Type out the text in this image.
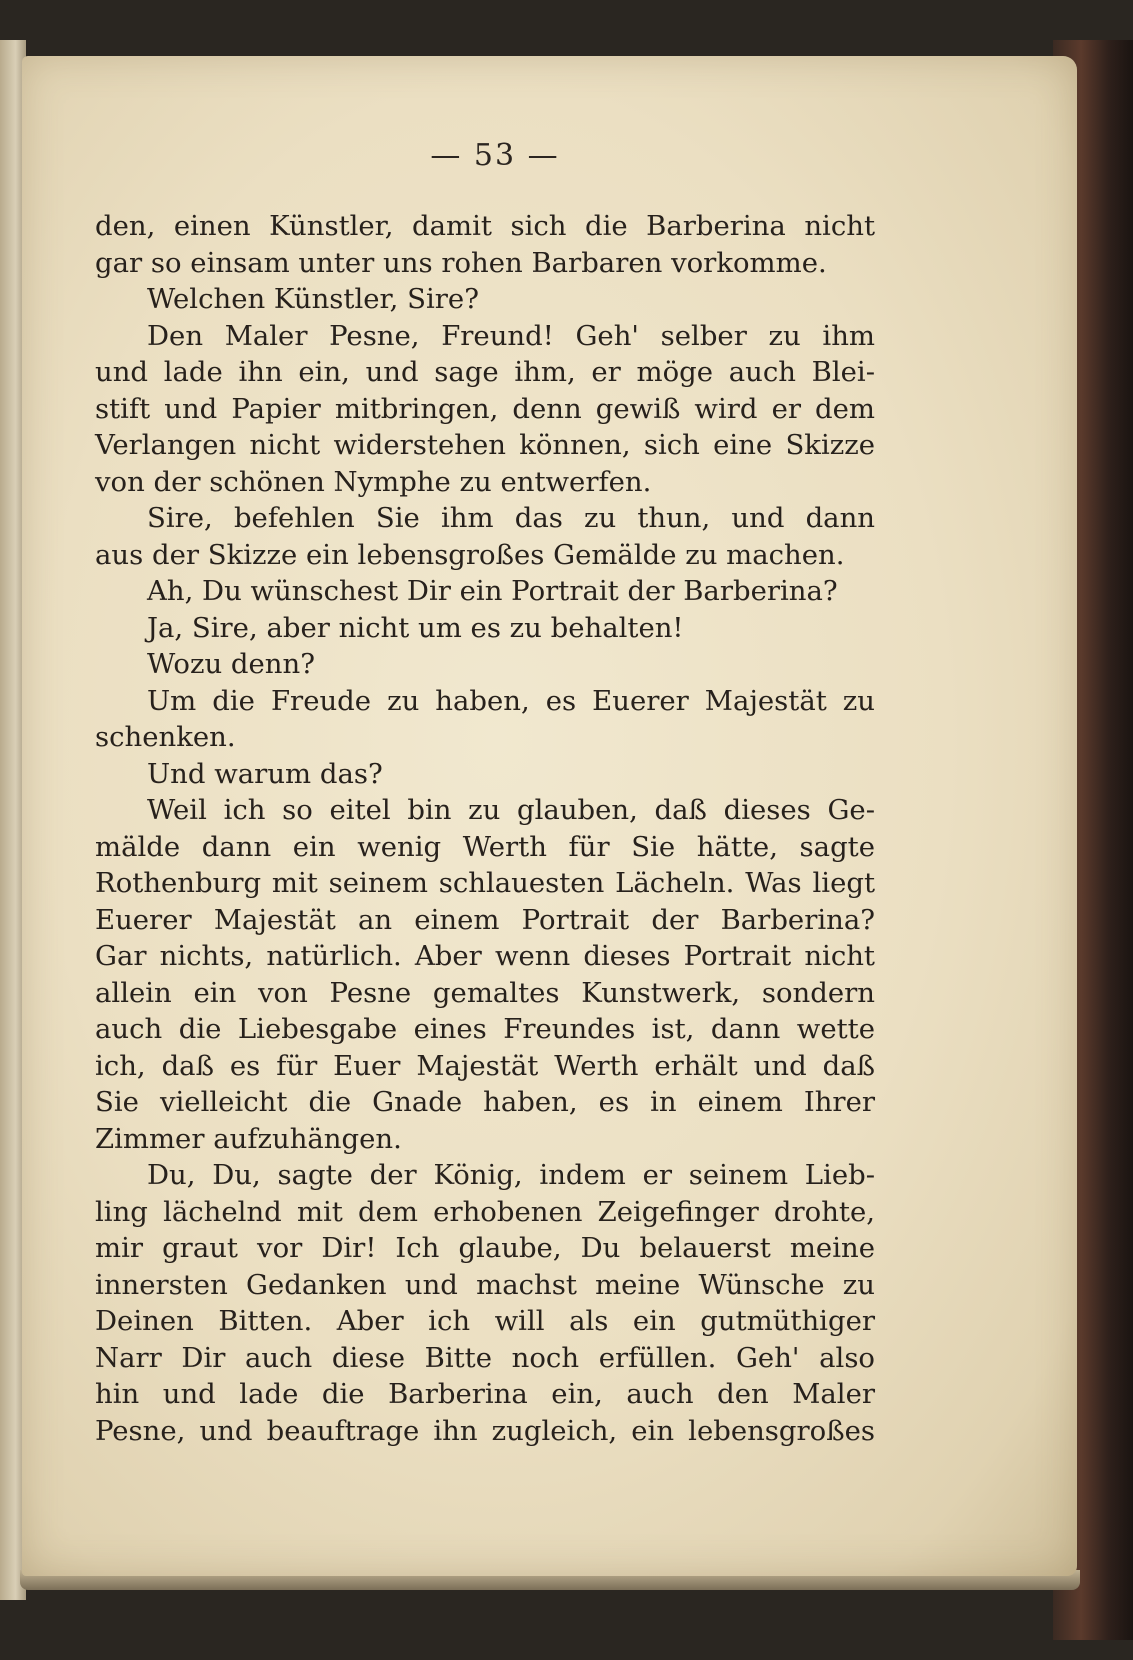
— 53 —
den, einen Künstler, damit sich die Barberina nicht
gar so einsam unter uns rohen Barbaren vorkomme.
Welchen Künstler, Sire?
Den Maler Pesne, Freund! Geh' selber zu ihm
und lade ihn ein, und sage ihm, er möge auch Blei-
stift und Papier mitbringen, denn gewiß wird er dem
Verlangen nicht widerstehen können, sich eine Skizze
von der schönen Nymphe zu entwerfen.
Sire, befehlen Sie ihm das zu thun, und dann
aus der Skizze ein lebensgroßes Gemälde zu machen.
Ah, Du wünschest Dir ein Portrait der Barberina?
Ja, Sire, aber nicht um es zu behalten!
Wozu denn?
Um die Freude zu haben, es Euerer Majestät zu
schenken.
Und warum das?
Weil ich so eitel bin zu glauben, daß dieses Ge-
mälde dann ein wenig Werth für Sie hätte, sagte
Rothenburg mit seinem schlauesten Lächeln. Was liegt
Euerer Majestät an einem Portrait der Barberina?
Gar nichts, natürlich. Aber wenn dieses Portrait nicht
allein ein von Pesne gemaltes Kunstwerk, sondern
auch die Liebesgabe eines Freundes ist, dann wette
ich, daß es für Euer Majestät Werth erhält und daß
Sie vielleicht die Gnade haben, es in einem Ihrer
Zimmer aufzuhängen.
Du, Du, sagte der König, indem er seinem Lieb-
ling lächelnd mit dem erhobenen Zeigefinger drohte,
mir graut vor Dir! Ich glaube, Du belauerst meine
innersten Gedanken und machst meine Wünsche zu
Deinen Bitten. Aber ich will als ein gutmüthiger
Narr Dir auch diese Bitte noch erfüllen. Geh' also
hin und lade die Barberina ein, auch den Maler
Pesne, und beauftrage ihn zugleich, ein lebensgroßes
